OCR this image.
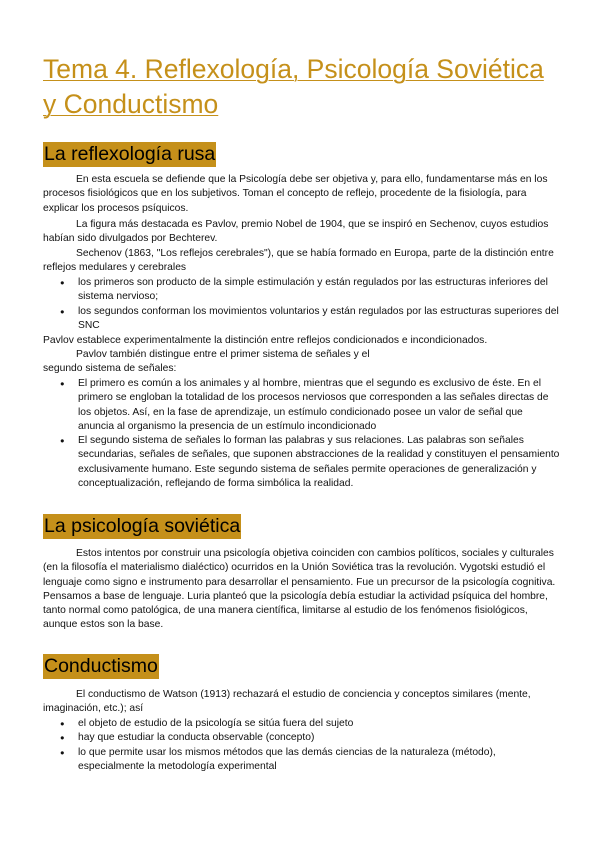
Tema 4. Reflexología, Psicología Soviética y Conductismo
La reflexología rusa

En esta escuela se defiende que la Psicología debe ser objetiva y, para ello, fundamentarse más en los procesos fisiológicos que en los subjetivos. Toman el concepto de reflejo, procedente de la fisiología, para explicar los procesos psíquicos.

La figura más destacada es Pavlov, premio Nobel de 1904, que se inspiró en Sechenov, cuyos estudios habían sido divulgados por Bechterev.

Sechenov (1863, "Los reflejos cerebrales"), que se había formado en Europa, parte de la distinción entre reflejos medulares y cerebrales

● los primeros son producto de la simple estimulación y están regulados por las estructuras inferiores del sistema nervioso;
● los segundos conforman los movimientos voluntarios y están regulados por las estructuras superiores del SNC

Pavlov establece experimentalmente la distinción entre reflejos condicionados e incondicionados.

Pavlov también distingue entre el primer sistema de señales y el
segundo sistema de señales:

● El primero es común a los animales y al hombre, mientras que el segundo es exclusivo de éste. En el primero se engloban la totalidad de los procesos nerviosos que corresponden a las señales directas de los objetos. Así, en la fase de aprendizaje, un estímulo condicionado posee un valor de señal que anuncia al organismo la presencia de un estímulo incondicionado
● El segundo sistema de señales lo forman las palabras y sus relaciones. Las palabras son señales secundarias, señales de señales, que suponen abstracciones de la realidad y constituyen el pensamiento exclusivamente humano. Este segundo sistema de señales permite operaciones de generalización y conceptualización, reflejando de forma simbólica la realidad.
La psicología soviética

Estos intentos por construir una psicología objetiva coinciden con cambios políticos, sociales y culturales (en la filosofía el materialismo dialéctico) ocurridos en la Unión Soviética tras la revolución. Vygotski estudió el lenguaje como signo e instrumento para desarrollar el pensamiento. Fue un precursor de la psicología cognitiva. Pensamos a base de lenguaje. Luria planteó que la psicología debía estudiar la actividad psíquica del hombre, tanto normal como patológica, de una manera científica, limitarse al estudio de los fenómenos fisiológicos, aunque estos son la base.

Conductismo

El conductismo de Watson (1913) rechazará el estudio de conciencia y conceptos similares (mente, imaginación, etc.); así

● el objeto de estudio de la psicología se sitúa fuera del sujeto
● hay que estudiar la conducta observable (concepto)
● lo que permite usar los mismos métodos que las demás ciencias de la naturaleza (método), especialmente la metodología experimental
